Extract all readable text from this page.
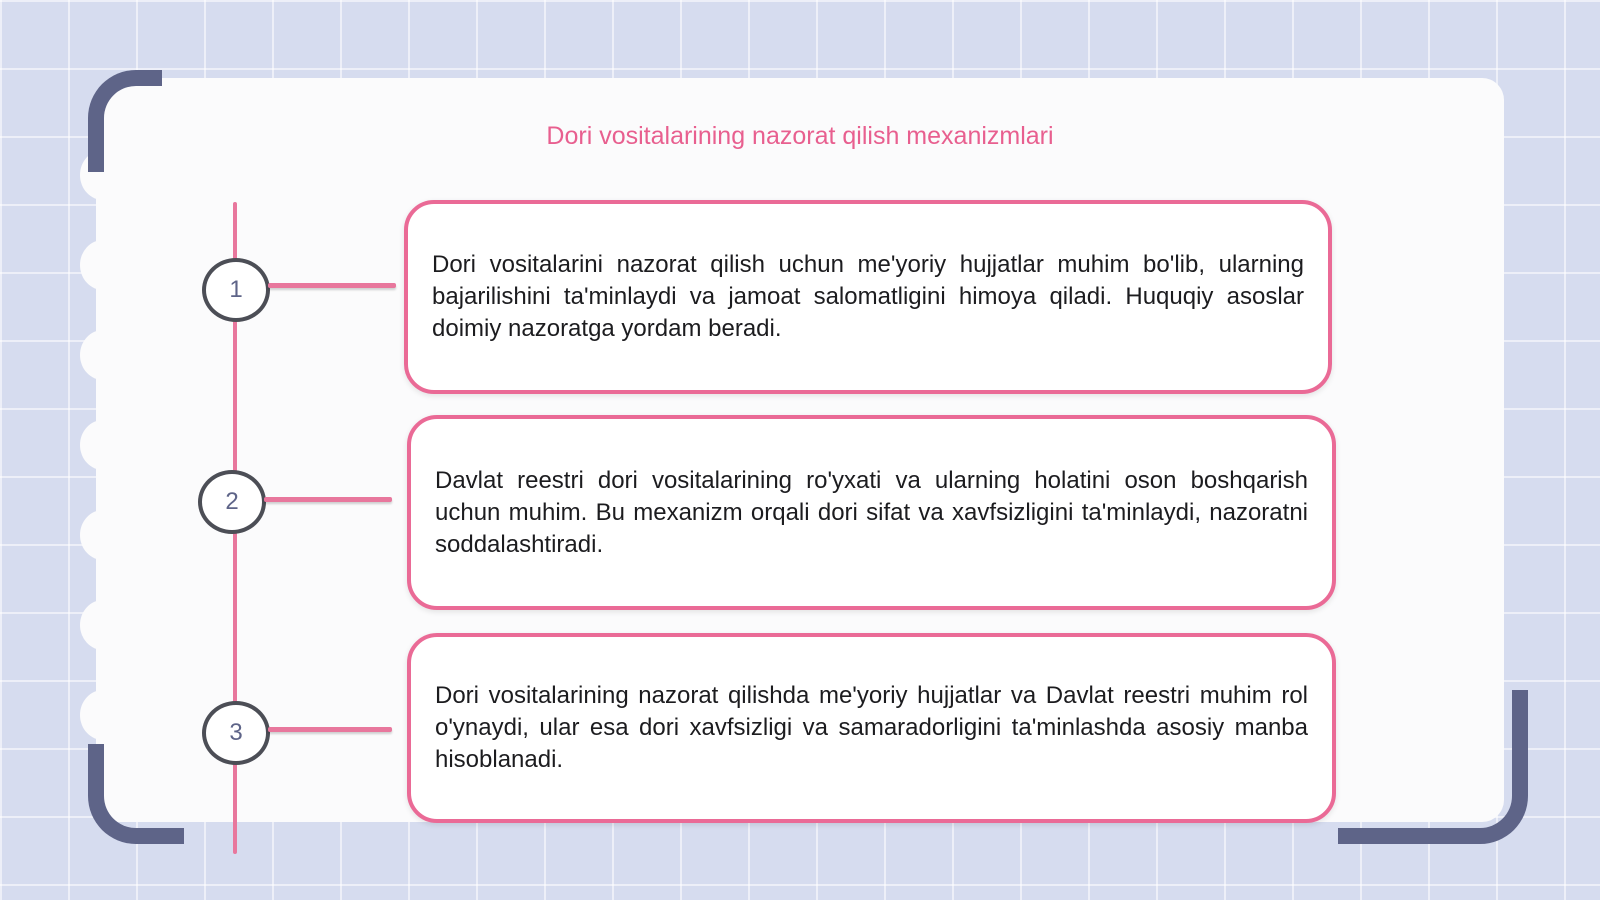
Dori vositalarining nazorat qilish mexanizmlari
1

Dori vositalarini nazorat qilish uchun me'yoriy hujjatlar muhim bo'lib, ularning bajarilishini ta'minlaydi va jamoat salomatligini himoya qiladi. Huquqiy asoslar doimiy nazoratga yordam beradi.

2

Davlat reestri dori vositalarining ro'yxati va ularning holatini oson boshqarish uchun muhim. Bu mexanizm orqali dori sifat va xavfsizligini ta'minlaydi, nazoratni soddalashtiradi.

3

Dori vositalarining nazorat qilishda me'yoriy hujjatlar va Davlat reestri muhim rol o'ynaydi, ular esa dori xavfsizligi va samaradorligini ta'minlashda asosiy manba hisoblanadi.
